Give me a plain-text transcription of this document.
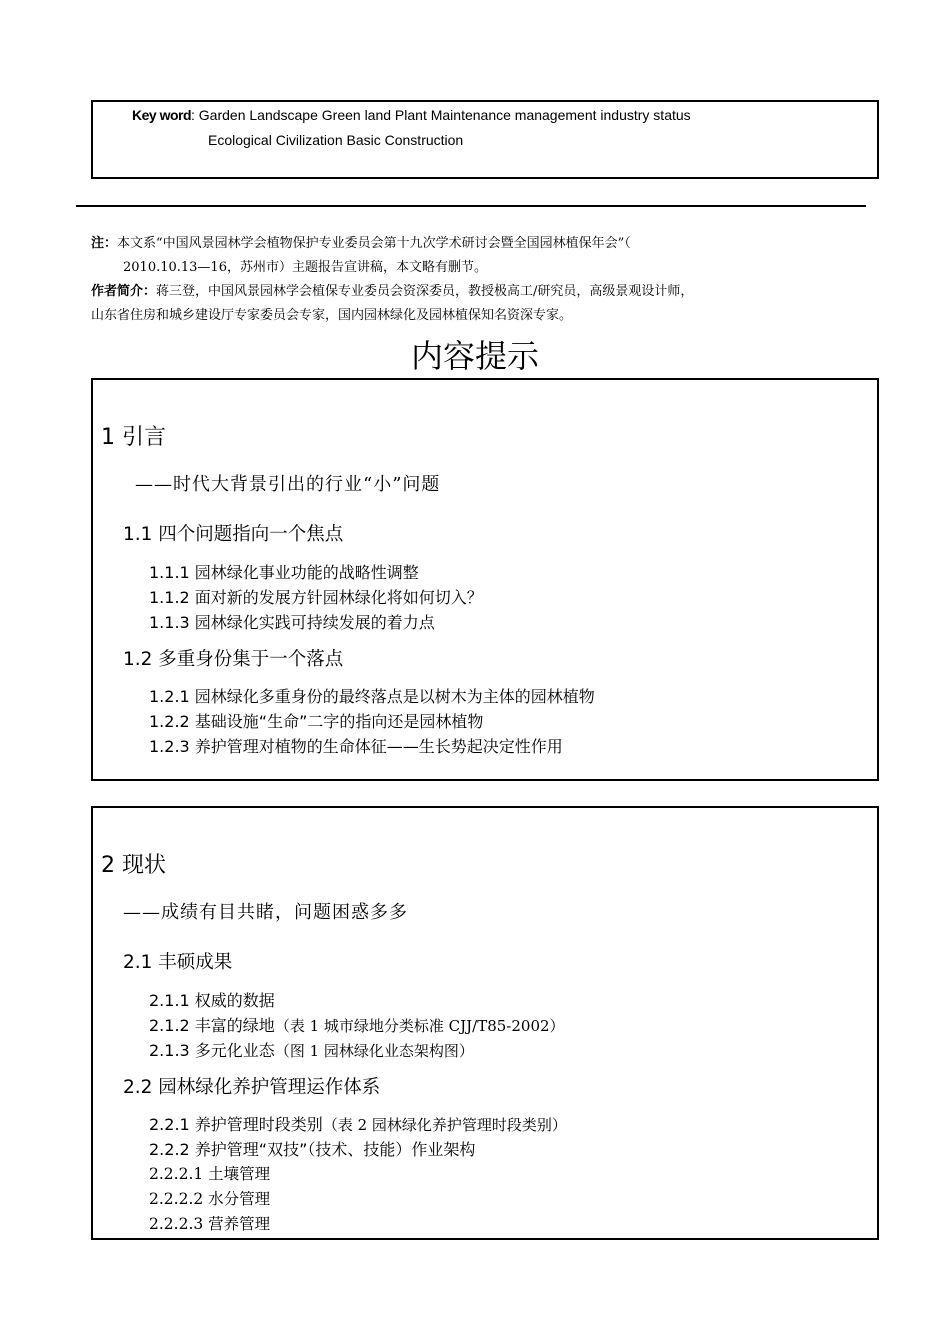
Key word: Garden Landscape Green land Plant Maintenance management industry status
Ecological Civilization Basic Construction
注：本文系“中国风景园林学会植物保护专业委员会第十九次学术研讨会暨全国园林植保年会”（
2010.10.13—16，苏州市）主题报告宣讲稿，本文略有删节。
作者简介：蒋三登，中国风景园林学会植保专业委员会资深委员，教授极高工/研究员，高级景观设计师，
山东省住房和城乡建设厅专家委员会专家，国内园林绿化及园林植保知名资深专家。
内容提示
1 引言
——时代大背景引出的行业“小”问题
1.1 四个问题指向一个焦点
1.1.1 园林绿化事业功能的战略性调整
1.1.2 面对新的发展方针园林绿化将如何切入？
1.1.3 园林绿化实践可持续发展的着力点
1.2 多重身份集于一个落点
1.2.1 园林绿化多重身份的最终落点是以树木为主体的园林植物
1.2.2 基础设施“生命”二字的指向还是园林植物
1.2.3 养护管理对植物的生命体征——生长势起决定性作用
2 现状
——成绩有目共睹，问题困惑多多
2.1 丰硕成果
2.1.1 权威的数据
2.1.2 丰富的绿地（表 1 城市绿地分类标准 CJJ/T85-2002）
2.1.3 多元化业态（图 1 园林绿化业态架构图）
2.2 园林绿化养护管理运作体系
2.2.1 养护管理时段类别（表 2 园林绿化养护管理时段类别）
2.2.2 养护管理“双技”（技术、技能）作业架构
2.2.2.1 土壤管理
2.2.2.2 水分管理
2.2.2.3 营养管理
